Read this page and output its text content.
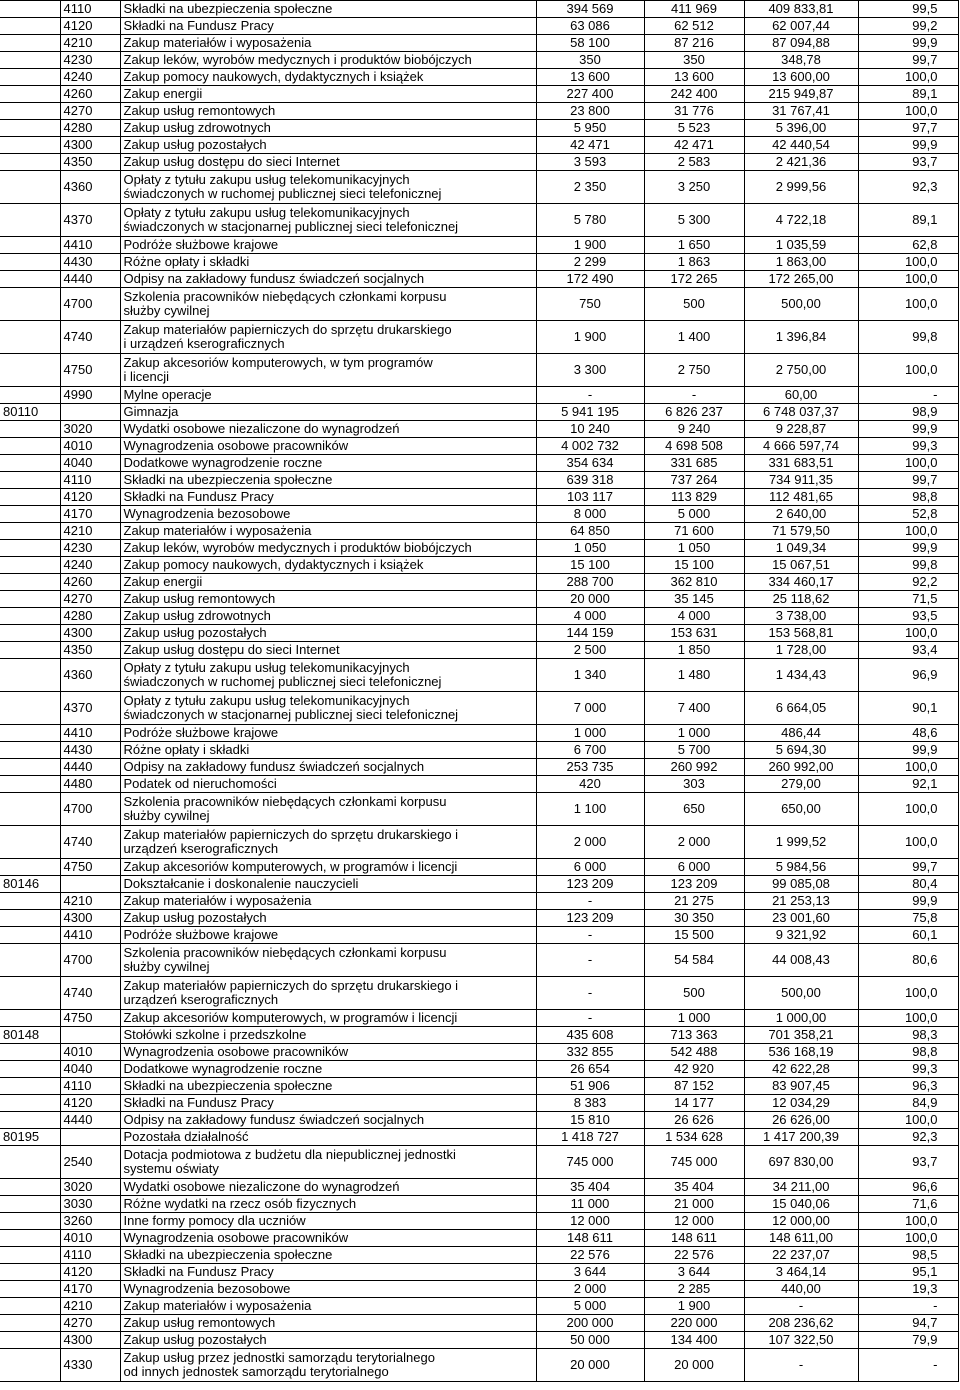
	4110	Składki na ubezpieczenia społeczne	394 569	411 969	409 833,81	99,5
	4120	Składki na Fundusz Pracy	63 086	62 512	62 007,44	99,2
	4210	Zakup materiałów i wyposażenia	58 100	87 216	87 094,88	99,9
	4230	Zakup leków, wyrobów medycznych i produktów biobójczych	350	350	348,78	99,7
	4240	Zakup pomocy naukowych, dydaktycznych i książek	13 600	13 600	13 600,00	100,0
	4260	Zakup energii	227 400	242 400	215 949,87	89,1
	4270	Zakup usług remontowych	23 800	31 776	31 767,41	100,0
	4280	Zakup usług zdrowotnych	5 950	5 523	5 396,00	97,7
	4300	Zakup usług pozostałych	42 471	42 471	42 440,54	99,9
	4350	Zakup usług dostępu do sieci Internet	3 593	2 583	2 421,36	93,7
	4360	Opłaty z tytułu zakupu usług telekomunikacyjnych
świadczonych w ruchomej publicznej sieci telefonicznej	2 350	3 250	2 999,56	92,3
	4370	Opłaty z tytułu zakupu usług telekomunikacyjnych
świadczonych w stacjonarnej publicznej sieci telefonicznej	5 780	5 300	4 722,18	89,1
	4410	Podróże służbowe krajowe	1 900	1 650	1 035,59	62,8
	4430	Różne opłaty i składki	2 299	1 863	1 863,00	100,0
	4440	Odpisy na zakładowy fundusz świadczeń socjalnych	172 490	172 265	172 265,00	100,0
	4700	Szkolenia pracowników niebędących członkami korpusu
służby cywilnej	750	500	500,00	100,0
	4740	Zakup materiałów papierniczych do sprzętu drukarskiego
i urządzeń kserograficznych	1 900	1 400	1 396,84	99,8
	4750	Zakup akcesoriów komputerowych, w tym programów
i licencji	3 300	2 750	2 750,00	100,0
	4990	Mylne operacje	-	-	60,00	-
80110		Gimnazja	5 941 195	6 826 237	6 748 037,37	98,9
	3020	Wydatki osobowe niezaliczone do wynagrodzeń	10 240	9 240	9 228,87	99,9
	4010	Wynagrodzenia osobowe pracowników	4 002 732	4 698 508	4 666 597,74	99,3
	4040	Dodatkowe wynagrodzenie roczne	354 634	331 685	331 683,51	100,0
	4110	Składki na ubezpieczenia społeczne	639 318	737 264	734 911,35	99,7
	4120	Składki na Fundusz Pracy	103 117	113 829	112 481,65	98,8
	4170	Wynagrodzenia bezosobowe	8 000	5 000	2 640,00	52,8
	4210	Zakup materiałów i wyposażenia	64 850	71 600	71 579,50	100,0
	4230	Zakup leków, wyrobów medycznych i produktów biobójczych	1 050	1 050	1 049,34	99,9
	4240	Zakup pomocy naukowych, dydaktycznych i książek	15 100	15 100	15 067,51	99,8
	4260	Zakup energii	288 700	362 810	334 460,17	92,2
	4270	Zakup usług remontowych	20 000	35 145	25 118,62	71,5
	4280	Zakup usług zdrowotnych	4 000	4 000	3 738,00	93,5
	4300	Zakup usług pozostałych	144 159	153 631	153 568,81	100,0
	4350	Zakup usług dostępu do sieci Internet	2 500	1 850	1 728,00	93,4
	4360	Opłaty z tytułu zakupu usług telekomunikacyjnych
świadczonych w ruchomej publicznej sieci telefonicznej	1 340	1 480	1 434,43	96,9
	4370	Opłaty z tytułu zakupu usług telekomunikacyjnych
świadczonych w stacjonarnej publicznej sieci telefonicznej	7 000	7 400	6 664,05	90,1
	4410	Podróże służbowe krajowe	1 000	1 000	486,44	48,6
	4430	Różne opłaty i składki	6 700	5 700	5 694,30	99,9
	4440	Odpisy na zakładowy fundusz świadczeń socjalnych	253 735	260 992	260 992,00	100,0
	4480	Podatek od nieruchomości	420	303	279,00	92,1
	4700	Szkolenia pracowników niebędących członkami korpusu
służby cywilnej	1 100	650	650,00	100,0
	4740	Zakup materiałów papierniczych do sprzętu drukarskiego i
urządzeń kserograficznych	2 000	2 000	1 999,52	100,0
	4750	Zakup akcesoriów komputerowych, w programów i licencji	6 000	6 000	5 984,56	99,7
80146		Dokształcanie i doskonalenie nauczycieli	123 209	123 209	99 085,08	80,4
	4210	Zakup materiałów i wyposażenia	-	21 275	21 253,13	99,9
	4300	Zakup usług pozostałych	123 209	30 350	23 001,60	75,8
	4410	Podróże służbowe krajowe	-	15 500	9 321,92	60,1
	4700	Szkolenia pracowników niebędących członkami korpusu
służby cywilnej	-	54 584	44 008,43	80,6
	4740	Zakup materiałów papierniczych do sprzętu drukarskiego i
urządzeń kserograficznych	-	500	500,00	100,0
	4750	Zakup akcesoriów komputerowych, w programów i licencji	-	1 000	1 000,00	100,0
80148		Stołówki szkolne i przedszkolne	435 608	713 363	701 358,21	98,3
	4010	Wynagrodzenia osobowe pracowników	332 855	542 488	536 168,19	98,8
	4040	Dodatkowe wynagrodzenie roczne	26 654	42 920	42 622,28	99,3
	4110	Składki na ubezpieczenia społeczne	51 906	87 152	83 907,45	96,3
	4120	Składki na Fundusz Pracy	8 383	14 177	12 034,29	84,9
	4440	Odpisy na zakładowy fundusz świadczeń socjalnych	15 810	26 626	26 626,00	100,0
80195		Pozostała działalność	1 418 727	1 534 628	1 417 200,39	92,3
	2540	Dotacja podmiotowa z budżetu dla niepublicznej jednostki
systemu oświaty	745 000	745 000	697 830,00	93,7
	3020	Wydatki osobowe niezaliczone do wynagrodzeń	35 404	35 404	34 211,00	96,6
	3030	Różne wydatki na rzecz osób fizycznych	11 000	21 000	15 040,06	71,6
	3260	Inne formy pomocy dla uczniów	12 000	12 000	12 000,00	100,0
	4010	Wynagrodzenia osobowe pracowników	148 611	148 611	148 611,00	100,0
	4110	Składki na ubezpieczenia społeczne	22 576	22 576	22 237,07	98,5
	4120	Składki na Fundusz Pracy	3 644	3 644	3 464,14	95,1
	4170	Wynagrodzenia bezosobowe	2 000	2 285	440,00	19,3
	4210	Zakup materiałów i wyposażenia	5 000	1 900	-	-
	4270	Zakup usług remontowych	200 000	220 000	208 236,62	94,7
	4300	Zakup usług pozostałych	50 000	134 400	107 322,50	79,9
	4330	Zakup usług przez jednostki samorządu terytorialnego
od innych jednostek samorządu terytorialnego	20 000	20 000	-	-
